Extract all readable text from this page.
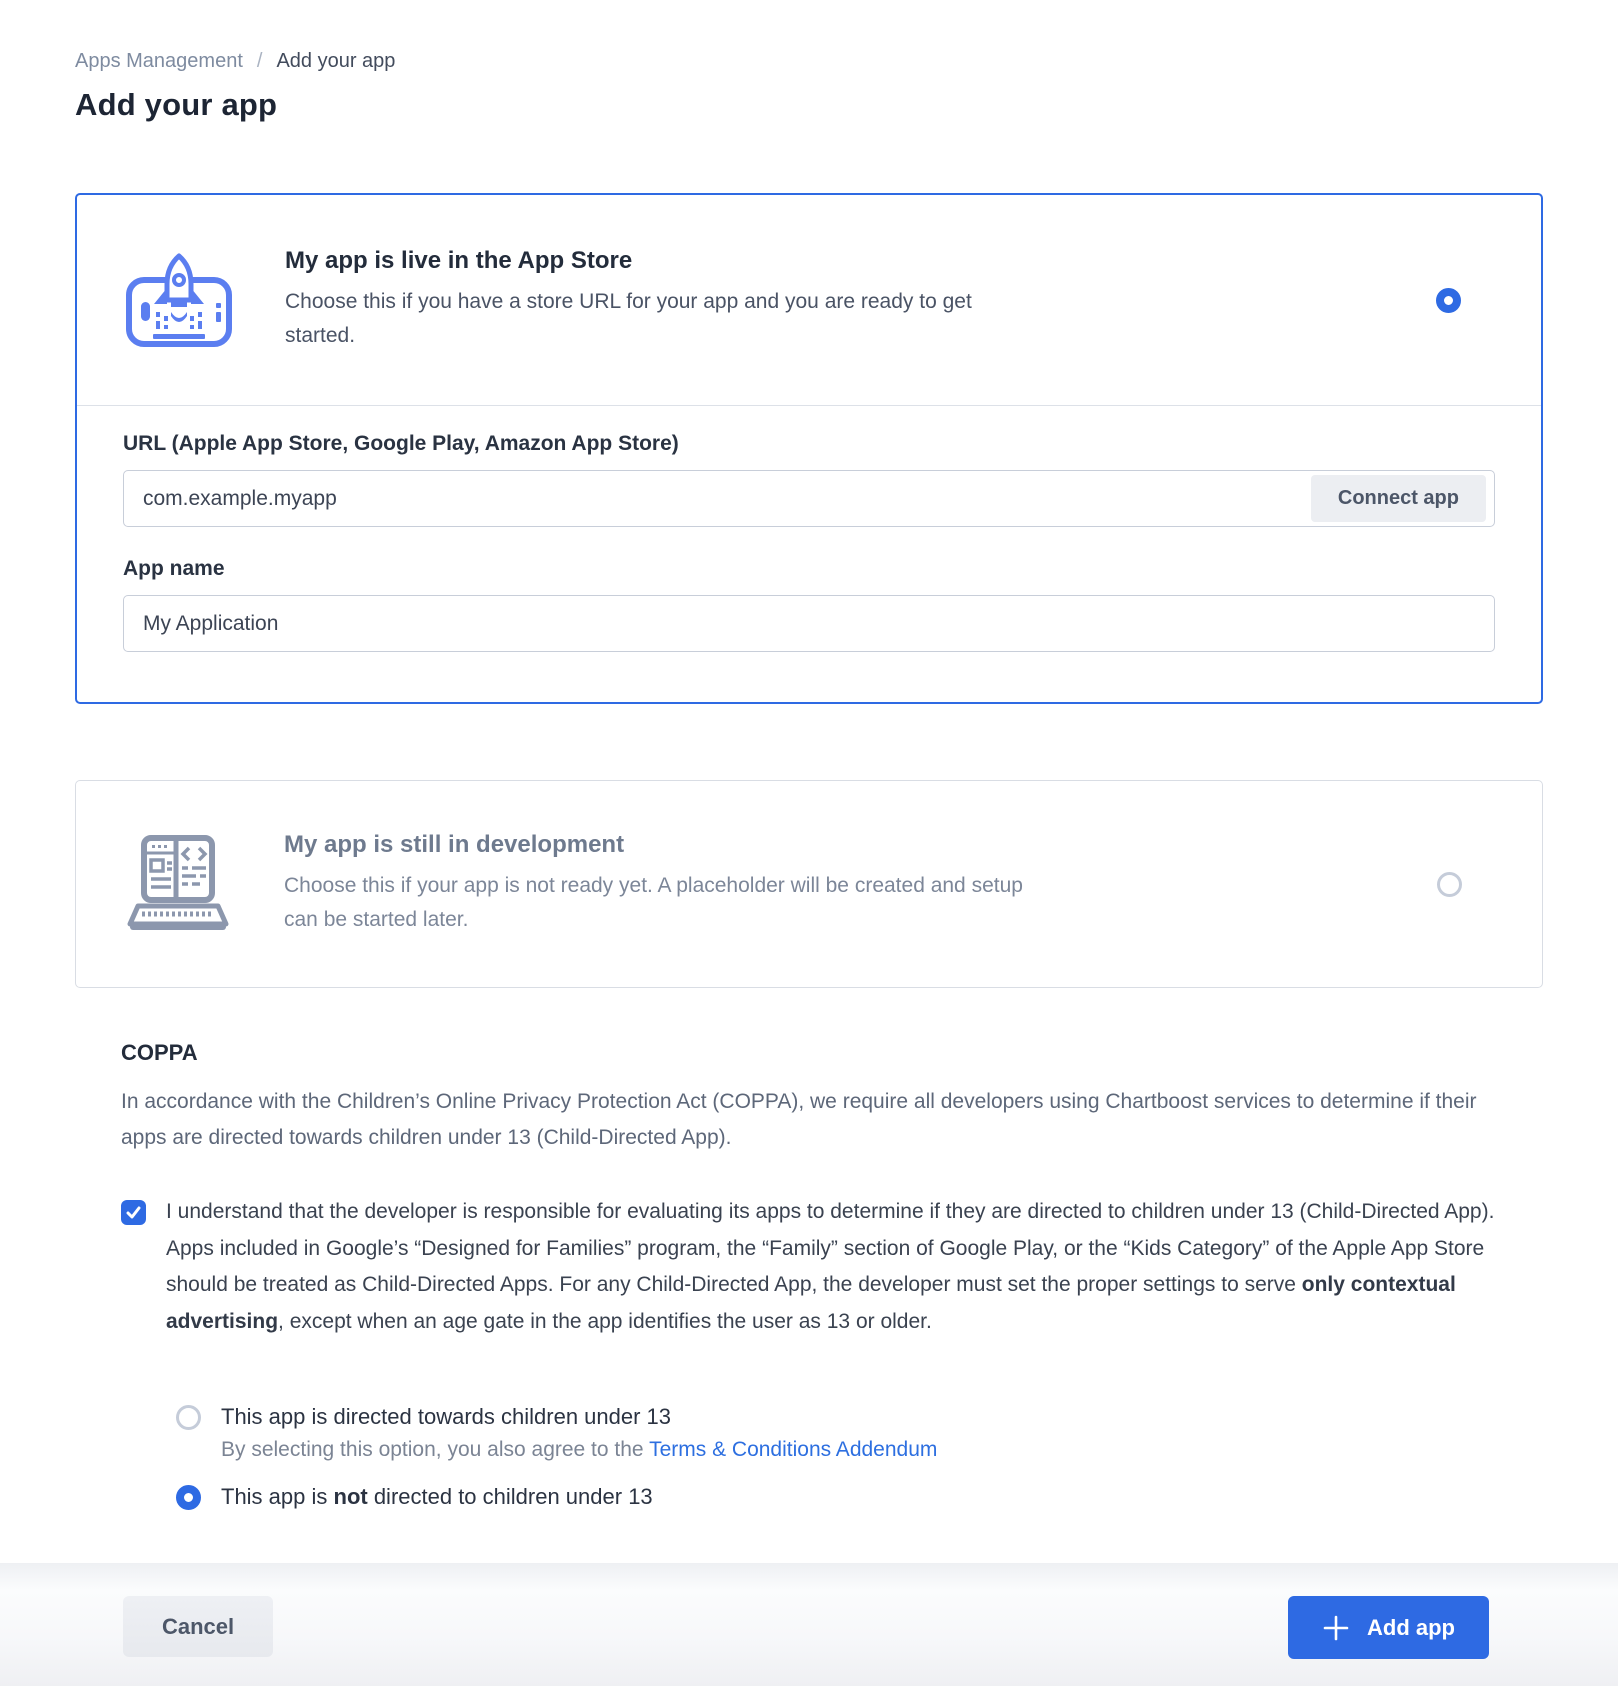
Apps Management / Add your app
Add your app
My app is live in the App Store
Choose this if you have a store URL for your app and you are ready to get started.
URL (Apple App Store, Google Play, Amazon App Store)
com.example.myapp
Connect app
App name
My Application
My app is still in development
Choose this if your app is not ready yet. A placeholder will be created and setup can be started later.
COPPA

In accordance with the Children’s Online Privacy Protection Act (COPPA), we require all developers using Chartboost services to determine if their apps are directed towards children under 13 (Child-Directed App).

I understand that the developer is responsible for evaluating its apps to determine if they are directed to children under 13 (Child-Directed App). Apps included in Google’s “Designed for Families” program, the “Family” section of Google Play, or the “Kids Category” of the Apple App Store should be treated as Child-Directed Apps. For any Child-Directed App, the developer must set the proper settings to serve only contextual advertising, except when an age gate in the app identifies the user as 13 or older.

This app is directed towards children under 13
By selecting this option, you also agree to the Terms & Conditions Addendum
This app is not directed to children under 13
Cancel	Add app
